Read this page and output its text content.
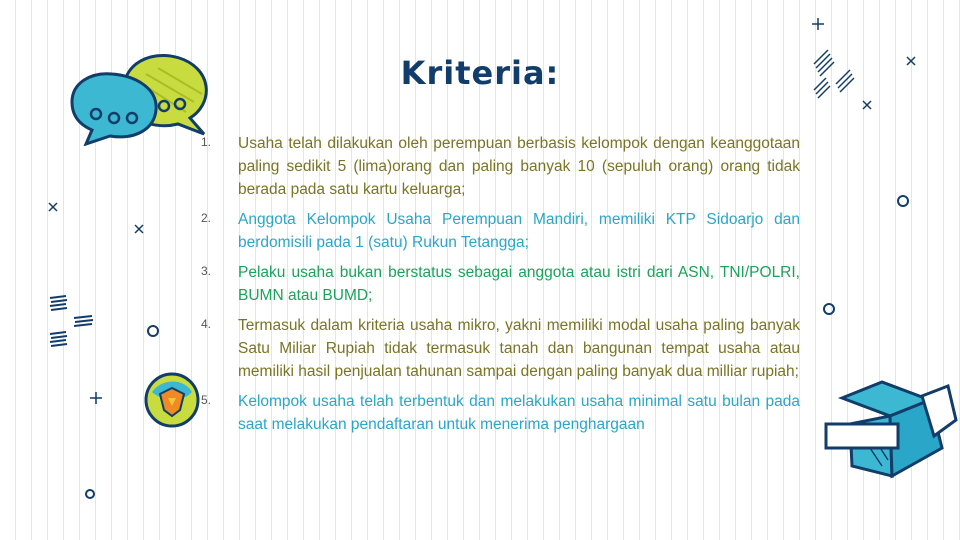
Kriteria:
1.	Usaha telah dilakukan oleh perempuan berbasis kelompok dengan keanggotaan paling sedikit 5 (lima)orang dan paling banyak 10 (sepuluh orang) orang tidak berada pada satu kartu keluarga;
2.	Anggota Kelompok Usaha Perempuan Mandiri, memiliki KTP Sidoarjo dan berdomisili pada 1 (satu) Rukun Tetangga;
3.	Pelaku usaha bukan berstatus sebagai anggota atau istri dari ASN, TNI/POLRI, BUMN atau BUMD;
4.	Termasuk dalam kriteria usaha mikro, yakni memiliki modal usaha paling banyak Satu Miliar Rupiah tidak termasuk tanah dan bangunan tempat usaha atau memiliki hasil penjualan tahunan sampai dengan paling banyak dua milliar rupiah;
5.	Kelompok usaha telah terbentuk dan melakukan usaha minimal satu bulan pada saat melakukan pendaftaran untuk menerima penghargaan
